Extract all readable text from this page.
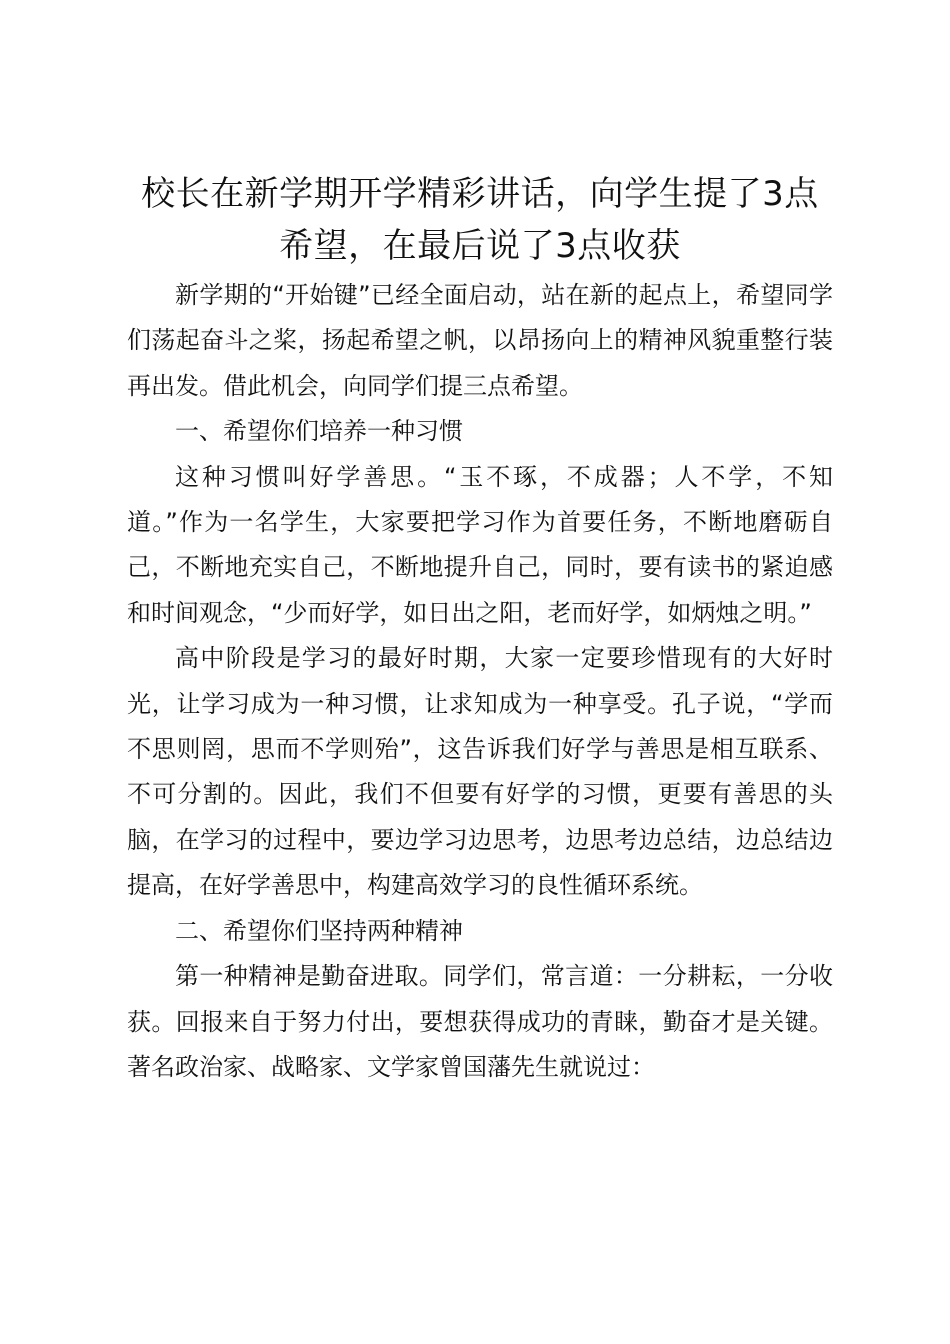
校长在新学期开学精彩讲话，向学生提了3点希望，在最后说了3点收获

新学期的“开始键”已经全面启动，站在新的起点上，希望同学们荡起奋斗之桨，扬起希望之帆，以昂扬向上的精神风貌重整行装再出发。借此机会，向同学们提三点希望。

一、希望你们培养一种习惯

这种习惯叫好学善思。“玉不琢，不成器；人不学，不知道。”作为一名学生，大家要把学习作为首要任务，不断地磨砺自己，不断地充实自己，不断地提升自己，同时，要有读书的紧迫感和时间观念，“少而好学，如日出之阳，老而好学，如炳烛之明。”

高中阶段是学习的最好时期，大家一定要珍惜现有的大好时光，让学习成为一种习惯，让求知成为一种享受。孔子说，“学而不思则罔，思而不学则殆”，这告诉我们好学与善思是相互联系、不可分割的。因此，我们不但要有好学的习惯，更要有善思的头脑，在学习的过程中，要边学习边思考，边思考边总结，边总结边提高，在好学善思中，构建高效学习的良性循环系统。

二、希望你们坚持两种精神

第一种精神是勤奋进取。同学们，常言道：一分耕耘，一分收获。回报来自于努力付出，要想获得成功的青睐，勤奋才是关键。著名政治家、战略家、文学家曾国藩先生就说过：
